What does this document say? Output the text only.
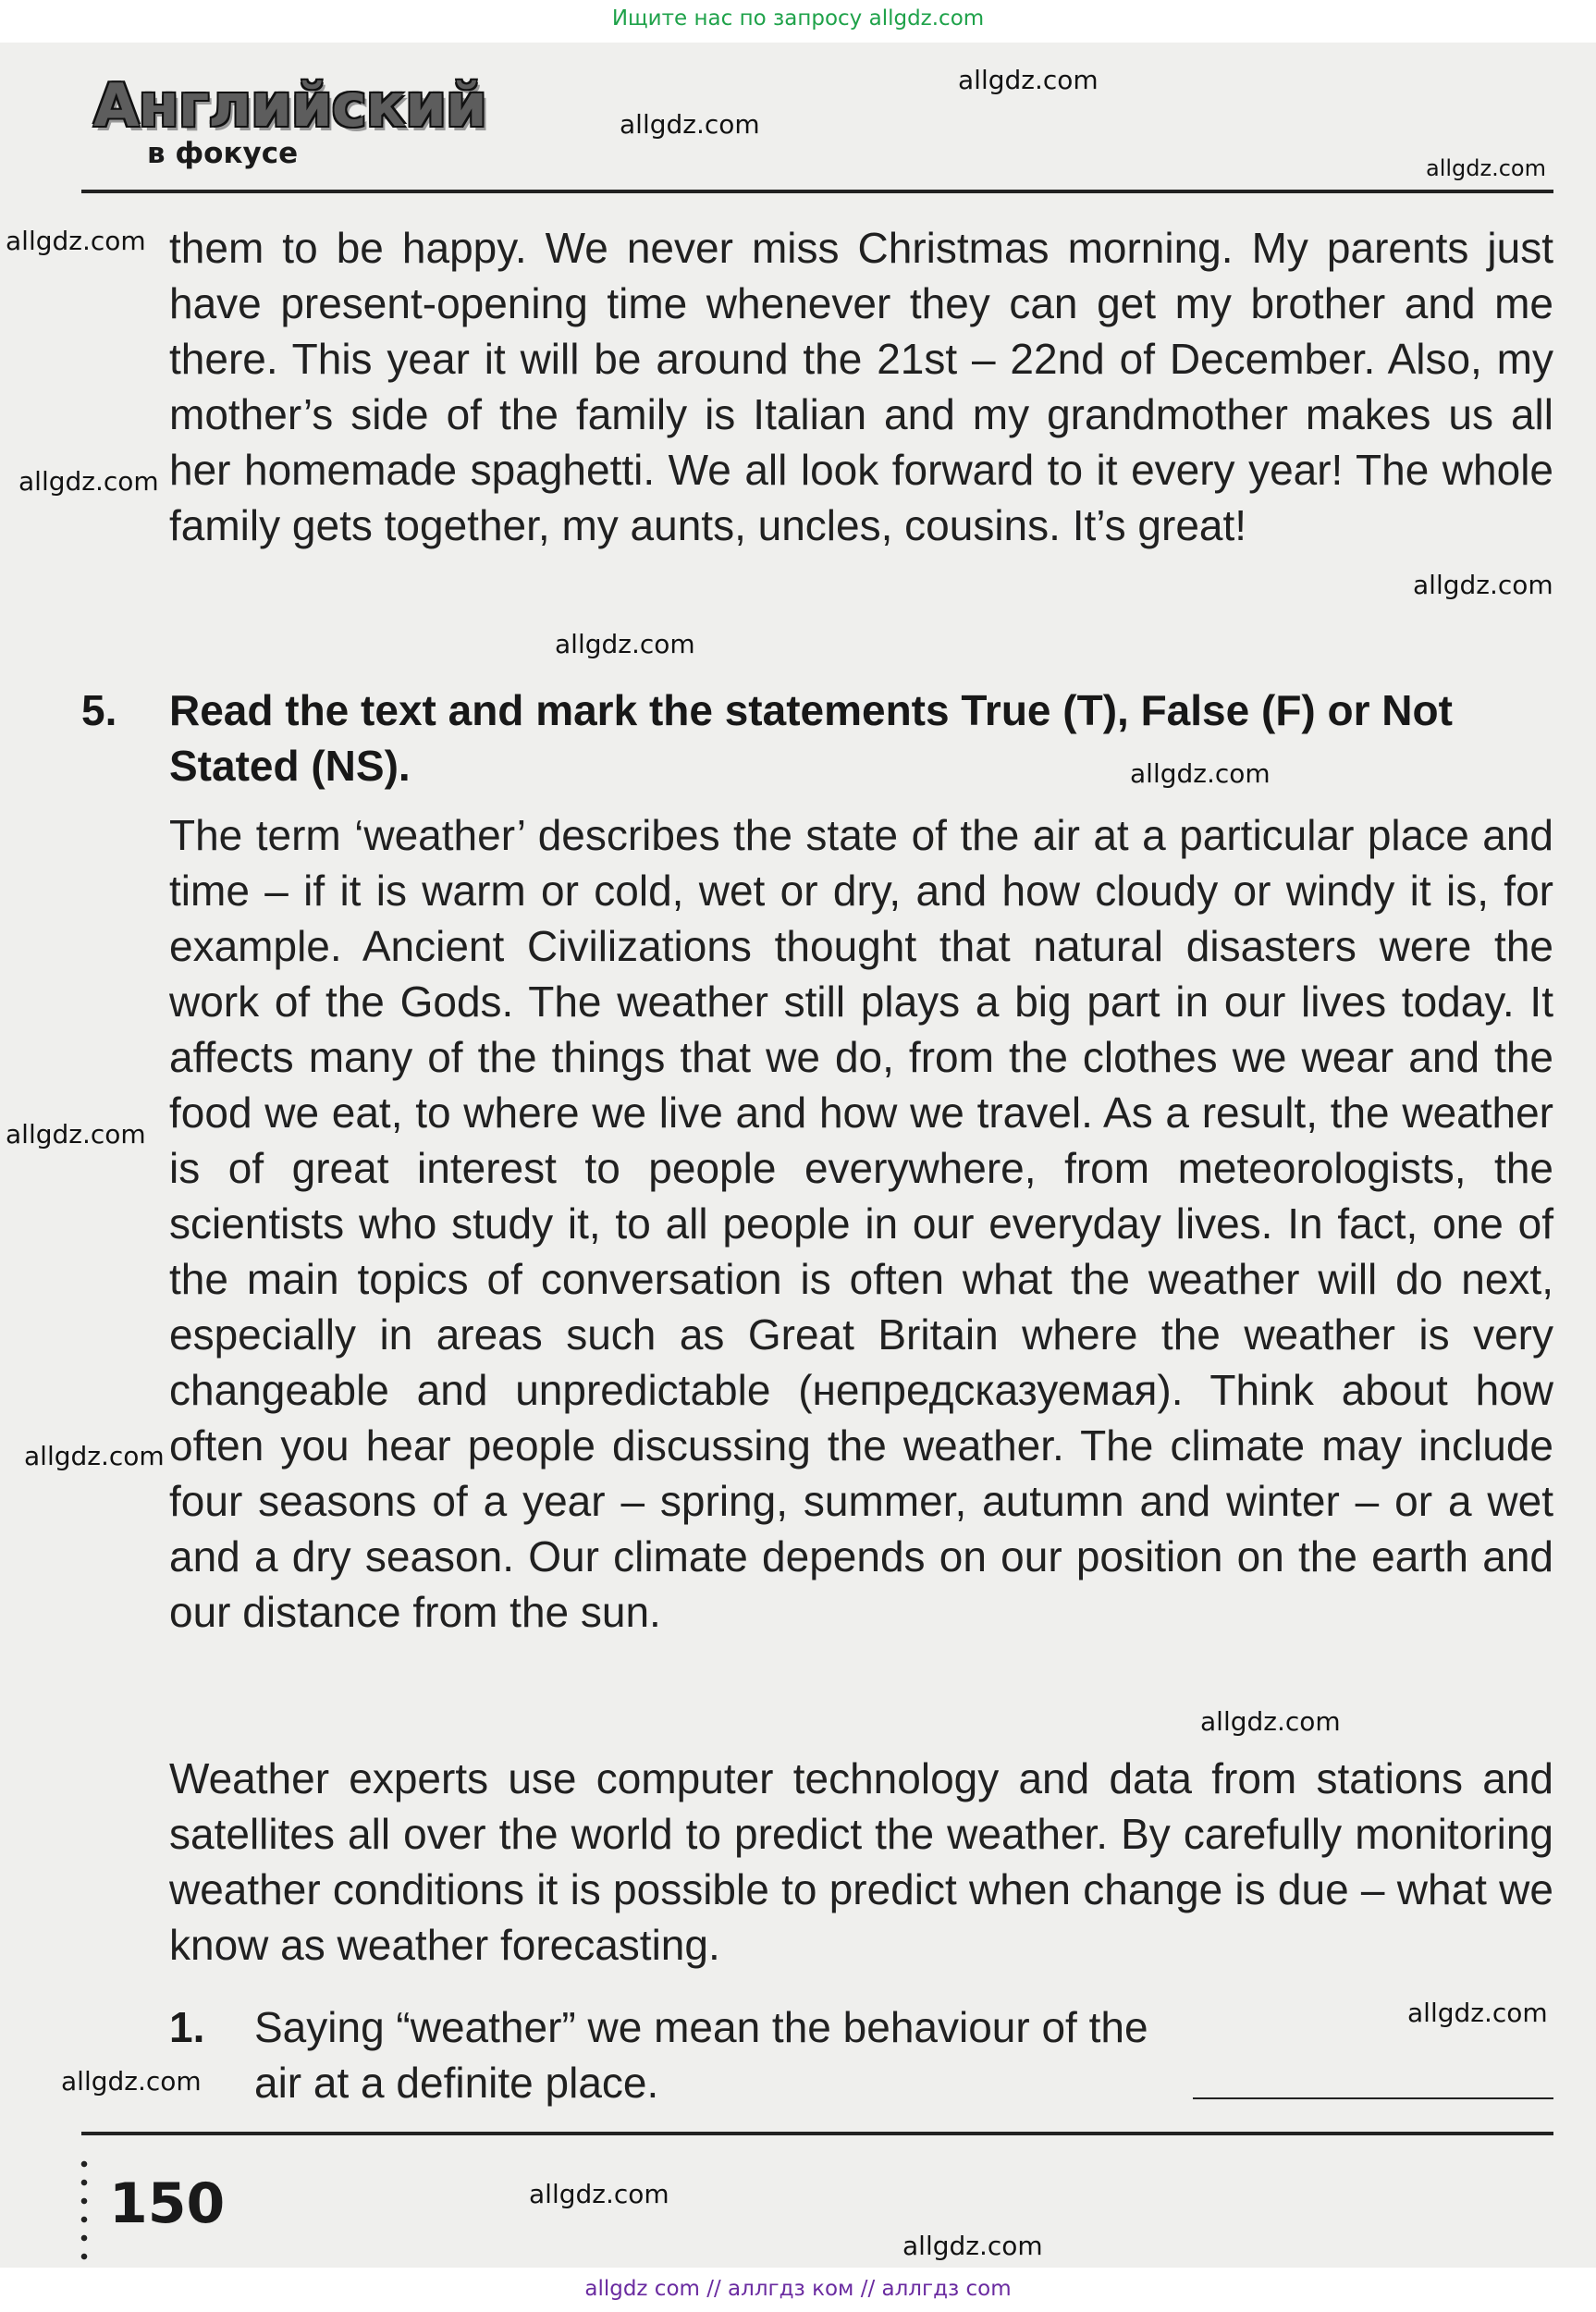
Ищите нас по запросу allgdz.com
Английский
в фокусе
allgdz.com
allgdz.com
allgdz.com
allgdz.com
allgdz.com
allgdz.com
allgdz.com
allgdz.com
allgdz.com
allgdz.com
allgdz.com
allgdz.com
allgdz.com
allgdz.com
allgdz.com

them to be happy. We never miss Christmas morning. My parents just have present-opening time whenever they can get my brother and me there. This year it will be around the 21st – 22nd of December. Also, my mother’s side of the family is Italian and my grandmother makes us all her homemade spaghetti. We all look forward to it every year! The whole family gets together, my aunts, uncles, cousins. It’s great!

5. Read the text and mark the statements True (T), False (F) or Not Stated (NS).

The term ‘weather’ describes the state of the air at a particular place and time – if it is warm or cold, wet or dry, and how cloudy or windy it is, for example. Ancient Civilizations thought that natural disasters were the work of the Gods. The weather still plays a big part in our lives today. It affects many of the things that we do, from the clothes we wear and the food we eat, to where we live and how we travel. As a result, the weather is of great interest to people everywhere, from meteorologists, the scientists who study it, to all people in our everyday lives. In fact, one of the main topics of conversation is often what the weather will do next, especially in areas such as Great Britain where the weather is very changeable and unpredictable (непредсказуемая). Think about how often you hear people discussing the weather. The climate may include four seasons of a year – spring, summer, autumn and winter – or a wet and a dry season. Our climate depends on our position on the earth and our distance from the sun.

Weather experts use computer technology and data from stations and satellites all over the world to predict the weather. By carefully monitoring weather conditions it is possible to predict when change is due – what we know as weather forecasting.

1. Saying “weather” we mean the behaviour of the air at a definite place.
150
allgdz com // аллгдз ком // аллгдз com
